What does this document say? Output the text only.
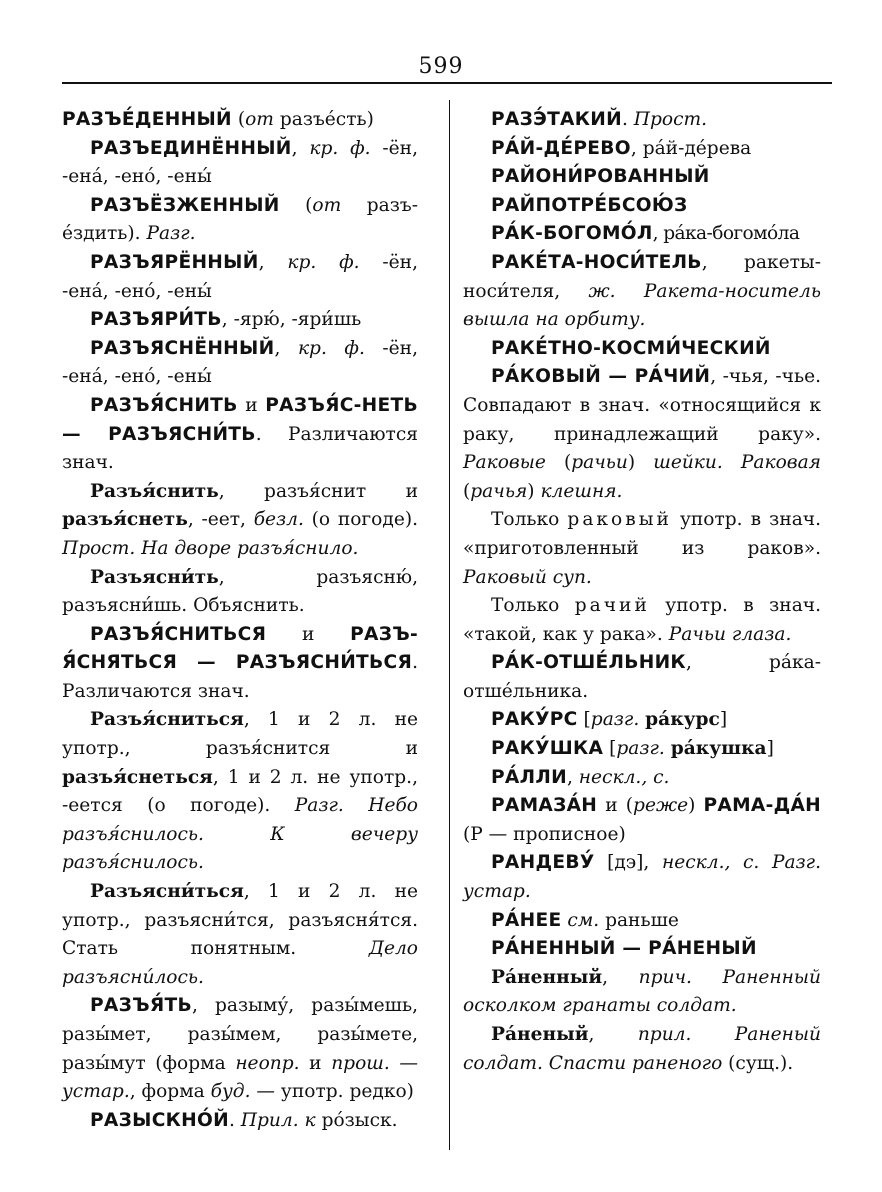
599

РАЗЪЕ́ДЕННЫЙ (от разъе́сть)

РАЗЪЕДИНЁННЫЙ, кр. ф. -ён, -ена́, -ено́, -ены́

РАЗЪЁЗЖЕННЫЙ (от разъ-е́здить). Разг.

РАЗЪЯРЁННЫЙ, кр. ф. -ён, -ена́, -ено́, -ены́

РАЗЪЯРИ́ТЬ, -ярю́, -яри́шь

РАЗЪЯСНЁННЫЙ, кр. ф. -ён, -ена́, -ено́, -ены́

РАЗЪЯ́СНИТЬ и РАЗЪЯ́С-НЕТЬ — РАЗЪЯСНИ́ТЬ. Различаются знач.

Разъя́снить, разъя́снит и разъя́снеть, -еет, безл. (о погоде). Прост. На дворе разъя́снило.

Разъясни́ть, разъясню́, разъясни́шь. Объяснить.

РАЗЪЯ́СНИТЬСЯ и РАЗЪ-Я́СНЯТЬСЯ — РАЗЪЯСНИ́ТЬСЯ. Различаются знач.

Разъя́сниться, 1 и 2 л. не употр., разъя́снится и разъя́снеться, 1 и 2 л. не употр., -еется (о погоде). Разг. Небо разъя́снилось. К вечеру разъя́снилось.

Разъясни́ться, 1 и 2 л. не употр., разъясни́тся, разъясня́тся. Стать понятным. Дело разъясни́лось.

РАЗЪЯ́ТЬ, разыму́, разы́мешь, разы́мет, разы́мем, разы́мете, разы́мут (форма неопр. и прош. — устар., форма буд. — употр. редко)

РАЗЫСКНО́Й. Прил. к ро́зыск.

РАЗЭ́ТАКИЙ. Прост.

РА́Й-ДЕ́РЕВО, ра́й-де́рева

РАЙОНИ́РОВАННЫЙ

РАЙПОТРЕ́БСОЮ́З

РА́К-БОГОМО́Л, ра́ка-богомо́ла

РАКЕ́ТА-НОСИ́ТЕЛЬ, ракеты-носи́теля, ж. Ракета-носитель вышла на орбиту.

РАКЕ́ТНО-КОСМИ́ЧЕСКИЙ

РА́КОВЫЙ — РА́ЧИЙ, -чья, -чье. Совпадают в знач. «относящийся к раку, принадлежащий раку». Раковые (рачьи) шейки. Раковая (рачья) клешня.

Только раковый употр. в знач. «приготовленный из раков». Раковый суп.

Только рачий употр. в знач. «такой, как у рака». Рачьи глаза.

РА́К-ОТШЕ́ЛЬНИК, ра́ка-отше́льника.

РАКУ́РС [разг. ра́курс]

РАКУ́ШКА [разг. ра́кушка]

РА́ЛЛИ, нескл., с.

РАМАЗА́Н и (реже) РАМА-ДА́Н (Р — прописное)

РАНДЕВУ́ [дэ], нескл., с. Разг. устар.

РА́НЕЕ см. раньше

РА́НЕННЫЙ — РА́НЕНЫЙ

Ра́ненный, прич. Раненный осколком гранаты солдат.

Ра́неный, прил. Раненый солдат. Спасти раненого (сущ.).
